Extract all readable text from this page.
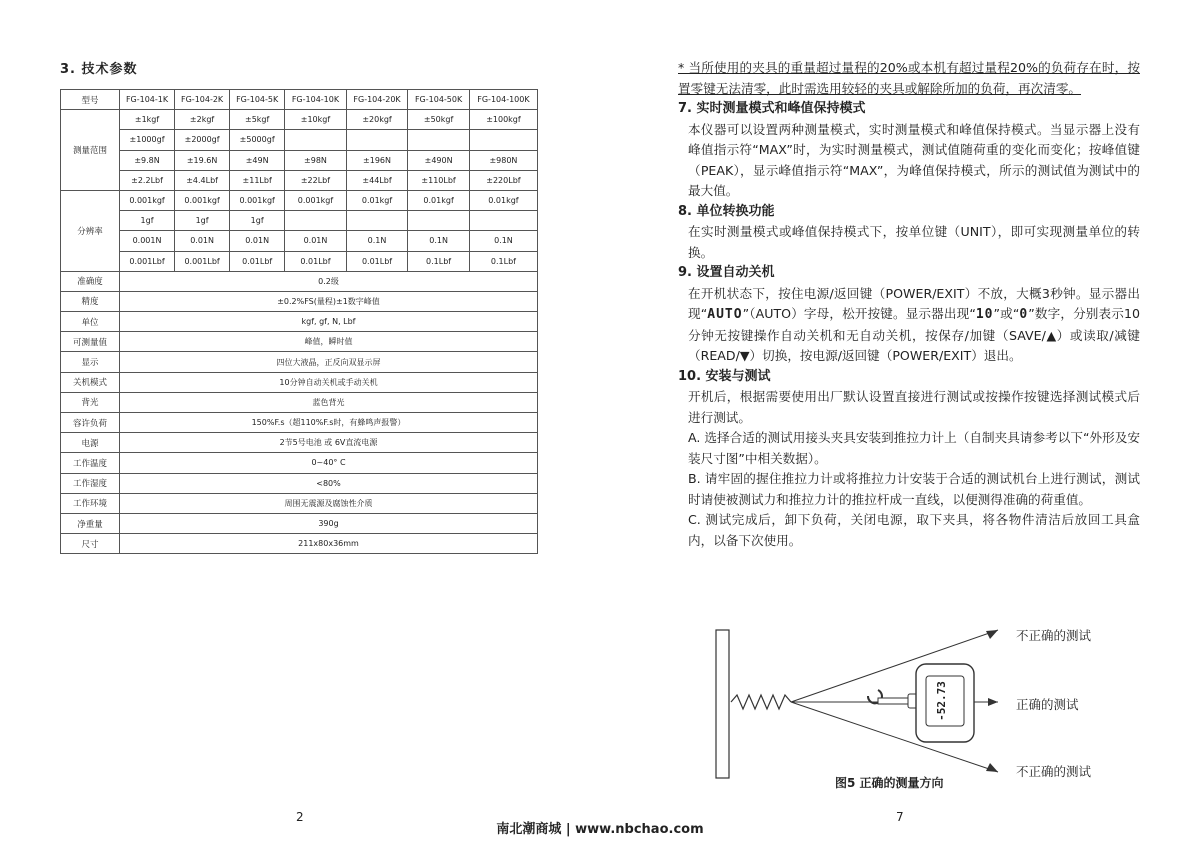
3. 技术参数
型号	FG-104-1K	FG-104-2K	FG-104-5K	FG-104-10K	FG-104-20K	FG-104-50K	FG-104-100K
测量范围	±1kgf	±2kgf	±5kgf	±10kgf	±20kgf	±50kgf	±100kgf
	±1000gf	±2000gf	±5000gf				
	±9.8N	±19.6N	±49N	±98N	±196N	±490N	±980N
	±2.2Lbf	±4.4Lbf	±11Lbf	±22Lbf	±44Lbf	±110Lbf	±220Lbf
分辨率	0.001kgf	0.001kgf	0.001kgf	0.001kgf	0.01kgf	0.01kgf	0.01kgf
	1gf	1gf	1gf				
	0.001N	0.01N	0.01N	0.01N	0.1N	0.1N	0.1N
	0.001Lbf	0.001Lbf	0.01Lbf	0.01Lbf	0.01Lbf	0.1Lbf	0.1Lbf
准确度	0.2级						
精度	±0.2%FS(量程)±1数字峰值						
单位	kgf, gf, N, Lbf						
可测量值	峰值，瞬时值						
显示	四位大液晶，正反向双显示屏						
关机模式	10分钟自动关机或手动关机						
背光	蓝色背光						
容许负荷	150%F.s（超110%F.s时，有蜂鸣声报警）						
电源	2节5号电池 或 6V直流电源						
工作温度	0~40° C						
工作湿度	<80%						
工作环境	周围无震源及腐蚀性介质						
净重量	390g						
尺寸	211x80x36mm						
2

* 当所使用的夹具的重量超过量程的20%或本机有超过量程20%的负荷存在时，按置零键无法清零，此时需选用较轻的夹具或解除所加的负荷，再次清零。

7. 实时测量模式和峰值保持模式

本仪器可以设置两种测量模式，实时测量模式和峰值保持模式。当显示器上没有峰值指示符“MAX”时，为实时测量模式，测试值随荷重的变化而变化；按峰值键（PEAK），显示峰值指示符“MAX”，为峰值保持模式，所示的测试值为测试中的最大值。

8. 单位转换功能

在实时测量模式或峰值保持模式下，按单位键（UNIT），即可实现测量单位的转换。

9. 设置自动关机

在开机状态下，按住电源/返回键（POWER/EXIT）不放，大概3秒钟。显示器出现“AUTO”（AUTO）字母，松开按键。显示器出现“10”或“0”数字，分别表示10分钟无按键操作自动关机和无自动关机，按保存/加键（SAVE/▲）或读取/减键（READ/▼）切换，按电源/返回键（POWER/EXIT）退出。

10. 安装与测试

开机后，根据需要使用出厂默认设置直接进行测试或按操作按键选择测试模式后进行测试。

A. 选择合适的测试用接头夹具安装到推拉力计上（自制夹具请参考以下“外形及安装尺寸图”中相关数据）。

B. 请牢固的握住推拉力计或将推拉力计安装于合适的测试机台上进行测试，测试时请使被测试力和推拉力计的推拉杆成一直线，以便测得准确的荷重值。

C. 测试完成后，卸下负荷，关闭电源，取下夹具，将各物件清洁后放回工具盒内，以备下次使用。

-52.73
不正确的测试
正确的测试
不正确的测试
图5 正确的测量方向
7
南北潮商城 | www.nbchao.com
